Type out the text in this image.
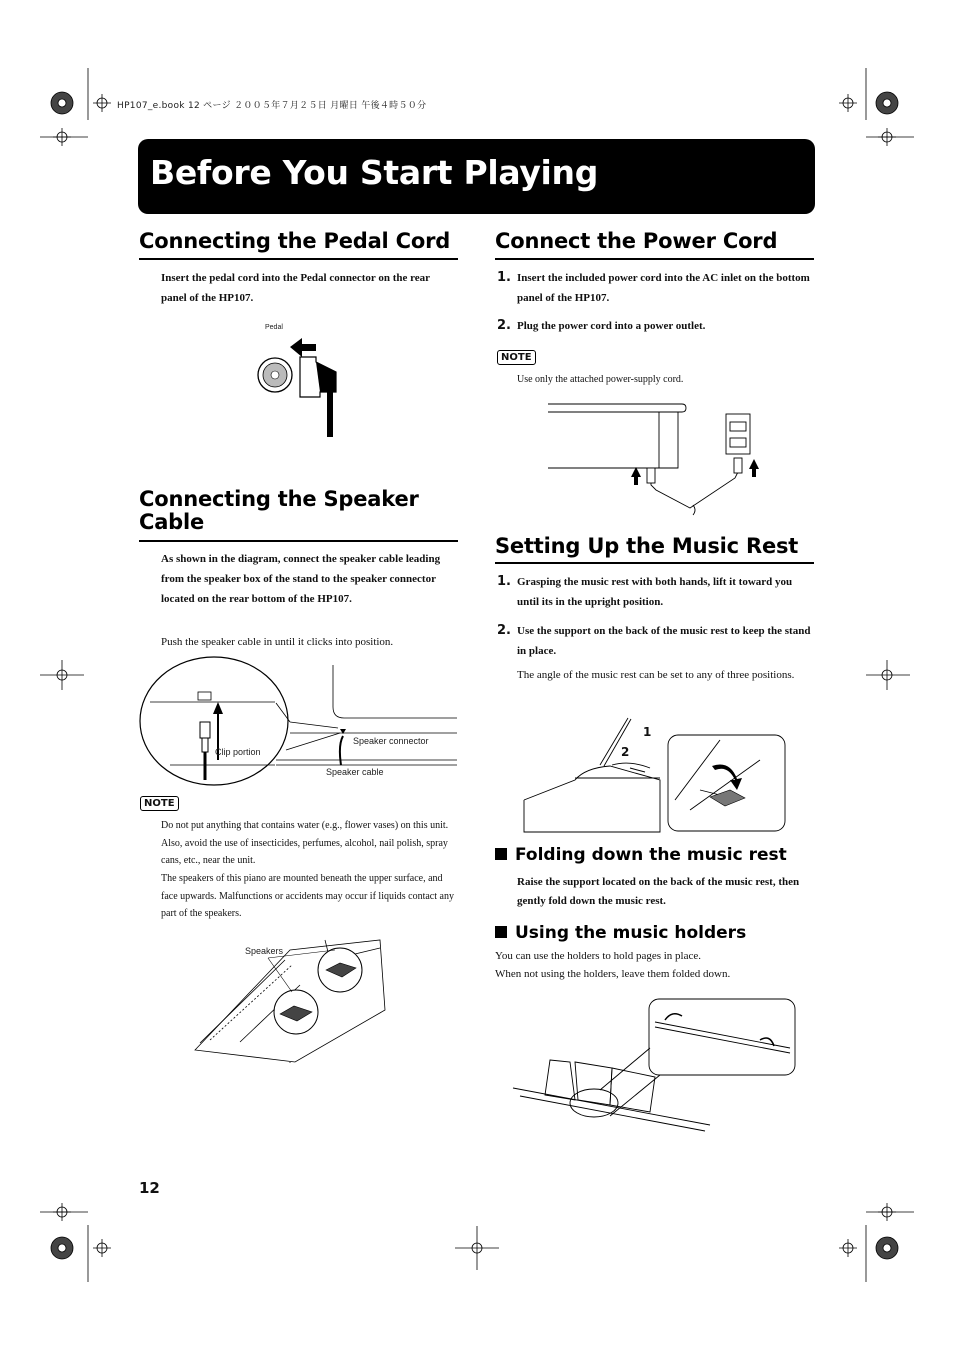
HP107_e.book 12 ページ ２００５年７月２５日 月曜日 午後４時５０分
Before You Start Playing
Connecting the Pedal Cord
Insert the pedal cord into the Pedal connector on the rear panel of the HP107.
Pedal
Connecting the Speaker Cable
As shown in the diagram, connect the speaker cable leading from the speaker box of the stand to the speaker connector located on the rear bottom of the HP107.
Push the speaker cable in until it clicks into position.
Clip portion
Speaker connector
Speaker cable
NOTE
Do not put anything that contains water (e.g., flower vases) on this unit. Also, avoid the use of insecticides, perfumes, alcohol, nail polish, spray cans, etc., near the unit.
The speakers of this piano are mounted beneath the upper surface, and face upwards. Malfunctions or accidents may occur if liquids contact any part of the speakers.
Speakers
Connect the Power Cord
1. Insert the included power cord into the AC inlet on the bottom panel of the HP107.
2. Plug the power cord into a power outlet.
NOTE
Use only the attached power-supply cord.
Setting Up the Music Rest
1. Grasping the music rest with both hands, lift it toward you until its in the upright position.
2. Use the support on the back of the music rest to keep the stand in place.
The angle of the music rest can be set to any of three positions.
1
2
Folding down the music rest
Raise the support located on the back of the music rest, then gently fold down the music rest.
Using the music holders
You can use the holders to hold pages in place.
When not using the holders, leave them folded down.
12
